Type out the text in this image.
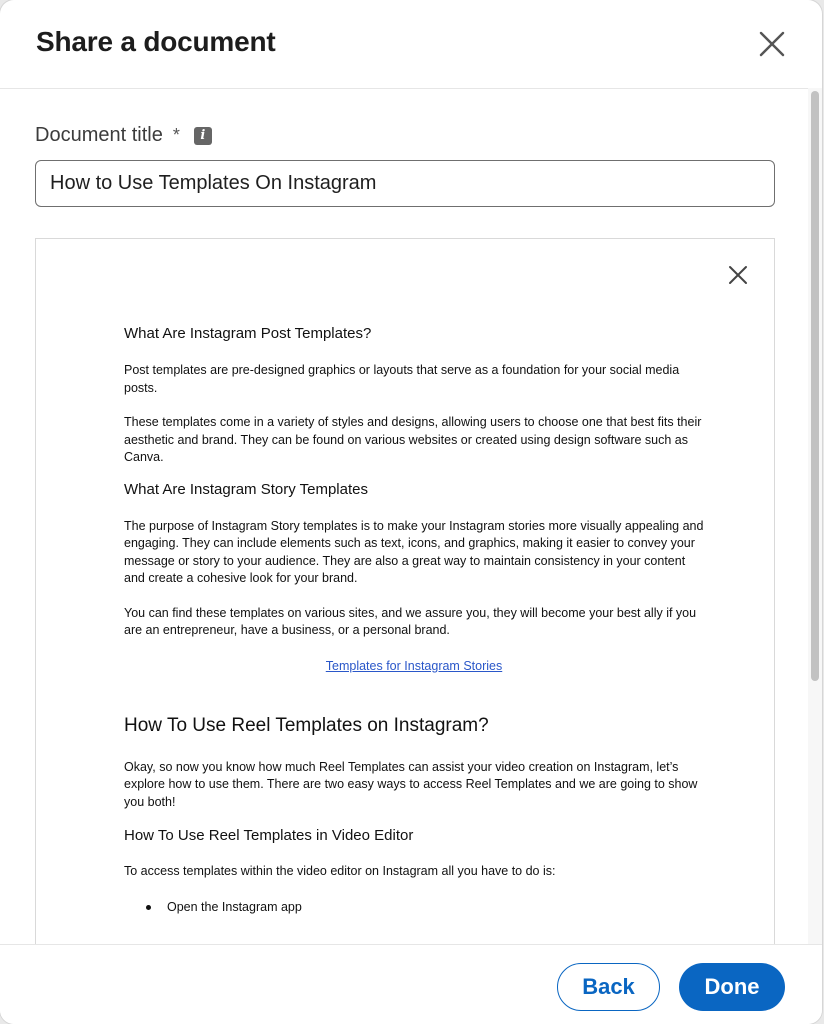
Share a document
Document title *	i
How to Use Templates On Instagram
What Are Instagram Post Templates?

Post templates are pre-designed graphics or layouts that serve as a foundation for your social media posts.

These templates come in a variety of styles and designs, allowing users to choose one that best fits their aesthetic and brand. They can be found on various websites or created using design software such as Canva.

What Are Instagram Story Templates

The purpose of Instagram Story templates is to make your Instagram stories more visually appealing and engaging. They can include elements such as text, icons, and graphics, making it easier to convey your message or story to your audience. They are also a great way to maintain consistency in your content and create a cohesive look for your brand.

You can find these templates on various sites, and we assure you, they will become your best ally if you are an entrepreneur, have a business, or a personal brand.

Templates for Instagram Stories
How To Use Reel Templates on Instagram?

Okay, so now you know how much Reel Templates can assist your video creation on Instagram, let’s explore how to use them. There are two easy ways to access Reel Templates and we are going to show you both!

How To Use Reel Templates in Video Editor

To access templates within the video editor on Instagram all you have to do is:

Open the Instagram app
Back	Done
